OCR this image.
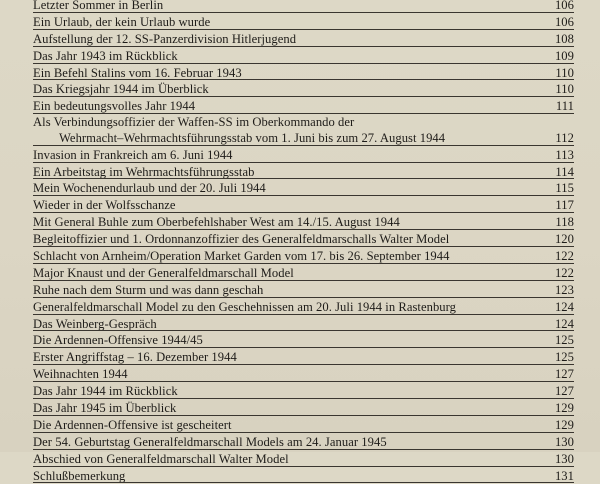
Letzter Sommer in Berlin	106
Ein Urlaub, der kein Urlaub wurde	106
Aufstellung der 12. SS-Panzerdivision Hitlerjugend	108
Das Jahr 1943 im Rückblick	109
Ein Befehl Stalins vom 16. Februar 1943	110
Das Kriegsjahr 1944 im Überblick	110
Ein bedeutungsvolles Jahr 1944	111
Als Verbindungsoffizier der Waffen-SS im Oberkommando der
Wehrmacht–Wehrmachtsführungsstab vom 1. Juni bis zum 27. August 1944	112
Invasion in Frankreich am 6. Juni 1944	113
Ein Arbeitstag im Wehrmachtsführungsstab	114
Mein Wochenendurlaub und der 20. Juli 1944	115
Wieder in der Wolfsschanze	117
Mit General Buhle zum Oberbefehlshaber West am 14./15. August 1944	118
Begleitoffizier und 1. Ordonnanzoffizier des Generalfeldmarschalls Walter Model	120
Schlacht von Arnheim/Operation Market Garden vom 17. bis 26. September 1944	122
Major Knaust und der Generalfeldmarschall Model	122
Ruhe nach dem Sturm und was dann geschah	123
Generalfeldmarschall Model zu den Geschehnissen am 20. Juli 1944 in Rastenburg	124
Das Weinberg-Gespräch	124
Die Ardennen-Offensive 1944/45	125
Erster Angriffstag – 16. Dezember 1944	125
Weihnachten 1944	127
Das Jahr 1944 im Rückblick	127
Das Jahr 1945 im Überblick	129
Die Ardennen-Offensive ist gescheitert	129
Der 54. Geburtstag Generalfeldmarschall Models am 24. Januar 1945	130
Abschied von Generalfeldmarschall Walter Model	130
Schlußbemerkung	131
